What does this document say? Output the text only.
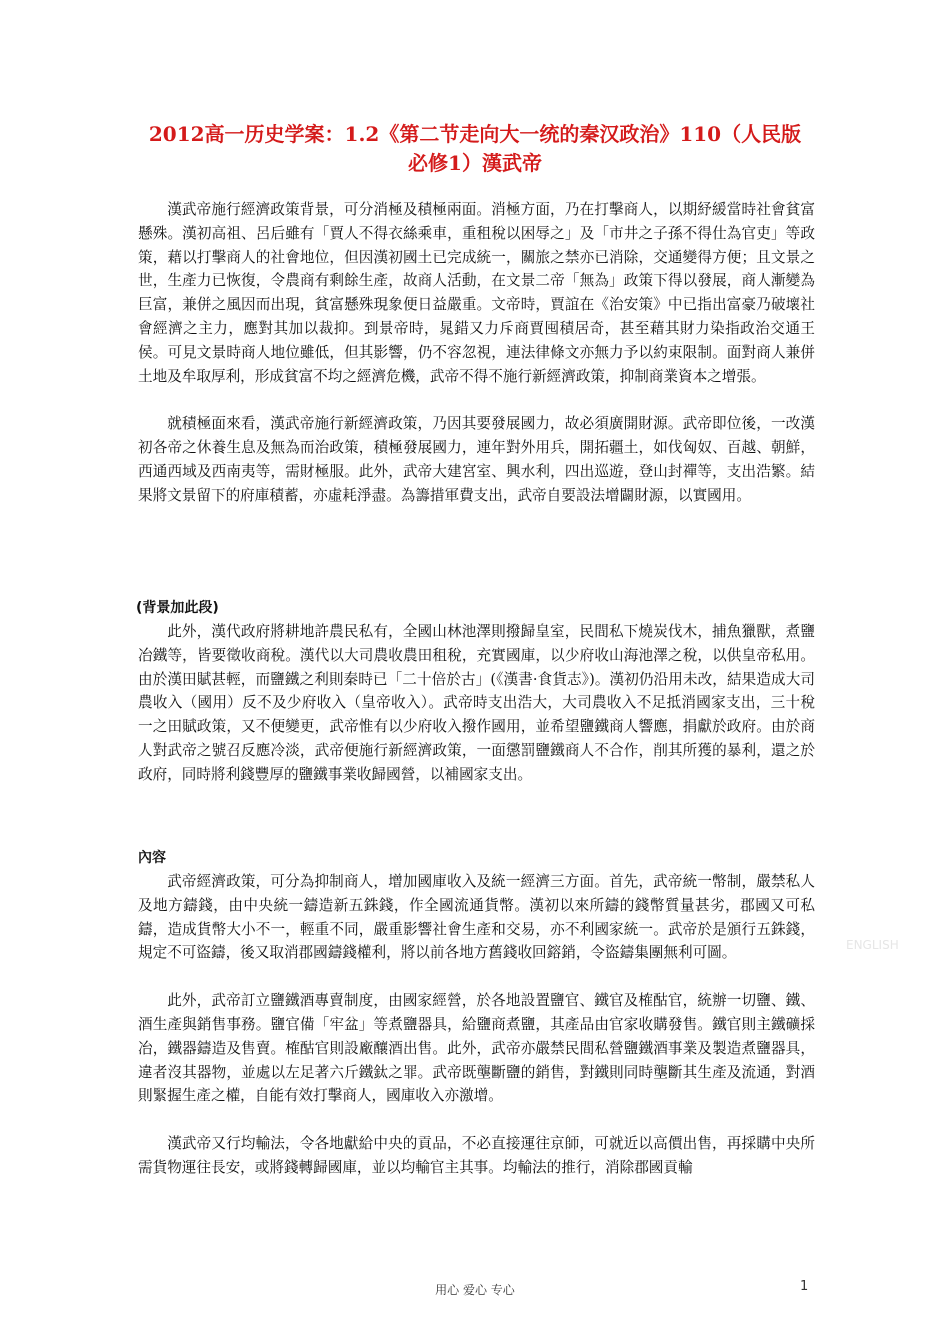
2012高一历史学案：1.2《第二节走向大一统的秦汉政治》110（人民版
必修1）漢武帝

漢武帝施行經濟政策背景，可分消極及積極兩面。消極方面，乃在打擊商人，以期紓緩當時社會貧富懸殊。漢初高祖、呂后雖有「賈人不得衣絲乘車，重租稅以困辱之」及「市井之子孫不得仕為官吏」等政策，藉以打擊商人的社會地位，但因漢初國土已完成統一，關旅之禁亦已消除，交通變得方便；且文景之世，生產力已恢復，令農商有剩餘生產，故商人活動，在文景二帝「無為」政策下得以發展，商人漸變為巨富，兼併之風因而出現，貧富懸殊現象便日益嚴重。文帝時，賈誼在《治安策》中已指出富豪乃破壞社會經濟之主力，應對其加以裁抑。到景帝時，晁錯又力斥商賈囤積居奇，甚至藉其財力染指政治交通王侯。可見文景時商人地位雖低，但其影響，仍不容忽視，連法律條文亦無力予以約束限制。面對商人兼併土地及牟取厚利，形成貧富不均之經濟危機，武帝不得不施行新經濟政策，抑制商業資本之增張。

就積極面來看，漢武帝施行新經濟政策，乃因其要發展國力，故必須廣開財源。武帝即位後，一改漢初各帝之休養生息及無為而治政策，積極發展國力，連年對外用兵，開拓疆土，如伐匈奴、百越、朝鮮，西通西域及西南夷等，需財極服。此外，武帝大建宮室、興水利，四出巡遊，登山封禪等，支出浩繁。結果將文景留下的府庫積蓄，亦虛耗淨盡。為籌措軍費支出，武帝自要設法增闢財源，以實國用。

(背景加此段)

此外，漢代政府將耕地許農民私有，全國山林池澤則撥歸皇室，民間私下燒炭伐木，捕魚獵獸，煮鹽冶鐵等，皆要徵收商稅。漢代以大司農收農田租稅，充實國庫，以少府收山海池澤之稅，以供皇帝私用。由於漢田賦甚輕，而鹽鐵之利則秦時已「二十倍於古」(《漢書·食貨志》)。漢初仍沿用未改，結果造成大司農收入（國用）反不及少府收入（皇帝收入）。武帝時支出浩大，大司農收入不足抵消國家支出，三十稅一之田賦政策，又不便變更，武帝惟有以少府收入撥作國用，並希望鹽鐵商人響應，捐獻於政府。由於商人對武帝之號召反應冷淡，武帝便施行新經濟政策，一面懲罰鹽鐵商人不合作，削其所獲的暴利，還之於政府，同時將利錢豐厚的鹽鐵事業收歸國營，以補國家支出。

內容

武帝經濟政策，可分為抑制商人，增加國庫收入及統一經濟三方面。首先，武帝統一幣制，嚴禁私人及地方鑄錢，由中央統一鑄造新五銖錢，作全國流通貨幣。漢初以來所鑄的錢幣質量甚劣，郡國又可私鑄，造成貨幣大小不一，輕重不同，嚴重影響社會生產和交易，亦不利國家統一。武帝於是頒行五銖錢，規定不可盜鑄，後又取消郡國鑄錢權利，將以前各地方舊錢收回鎔銷，令盜鑄集團無利可圖。

此外，武帝訂立鹽鐵酒專賣制度，由國家經營，於各地設置鹽官、鐵官及榷酤官，統辦一切鹽、鐵、酒生產與銷售事務。鹽官備「牢盆」等煮鹽器具，給鹽商煮鹽，其產品由官家收購發售。鐵官則主鐵礦採冶，鐵器鑄造及售賣。榷酤官則設廠釀酒出售。此外，武帝亦嚴禁民間私營鹽鐵酒事業及製造煮鹽器具，違者沒其器物，並處以左足著六斤鐵鈦之罪。武帝既壟斷鹽的銷售，對鐵則同時壟斷其生產及流通，對酒則緊握生產之權，自能有效打擊商人，國庫收入亦激增。

漢武帝又行均輸法，令各地獻給中央的貢品，不必直接運往京師，可就近以高價出售，再採購中央所需貨物運往長安，或將錢轉歸國庫，並以均輸官主其事。均輸法的推行，消除郡國貢輸

ENGLISH
用心 爱心 专心	1
